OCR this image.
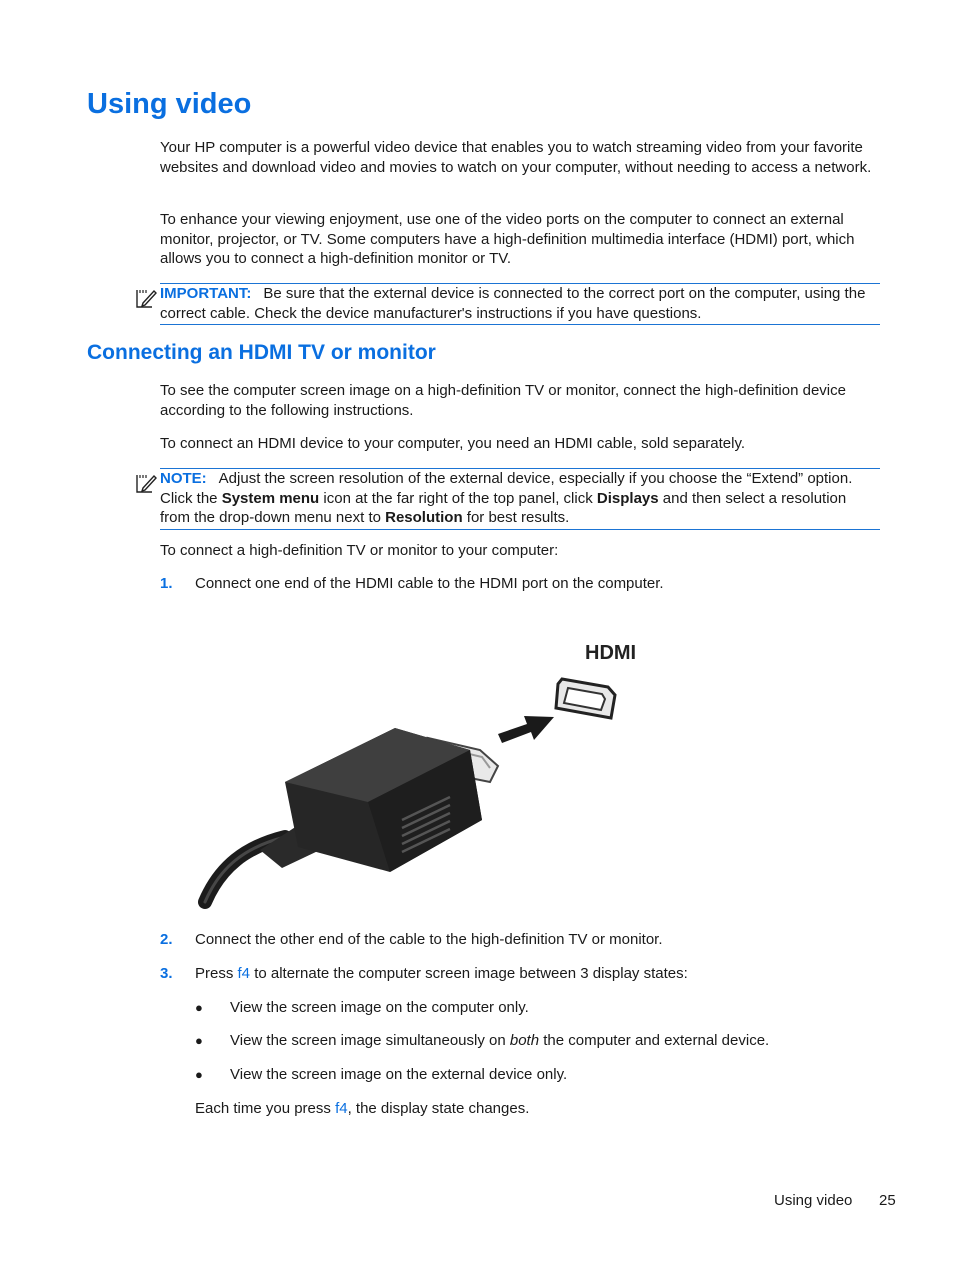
Using video

Your HP computer is a powerful video device that enables you to watch streaming video from your favorite websites and download video and movies to watch on your computer, without needing to access a network.

To enhance your viewing enjoyment, use one of the video ports on the computer to connect an external monitor, projector, or TV. Some computers have a high-definition multimedia interface (HDMI) port, which allows you to connect a high-definition monitor or TV.

IMPORTANT: Be sure that the external device is connected to the correct port on the computer, using the correct cable. Check the device manufacturer's instructions if you have questions.

Connecting an HDMI TV or monitor

To see the computer screen image on a high-definition TV or monitor, connect the high-definition device according to the following instructions.

To connect an HDMI device to your computer, you need an HDMI cable, sold separately.

NOTE: Adjust the screen resolution of the external device, especially if you choose the “Extend” option. Click the System menu icon at the far right of the top panel, click Displays and then select a resolution from the drop-down menu next to Resolution for best results.

To connect a high-definition TV or monitor to your computer:

1. Connect one end of the HDMI cable to the HDMI port on the computer.

HDMI

2. Connect the other end of the cable to the high-definition TV or monitor.

3. Press f4 to alternate the computer screen image between 3 display states:

● View the screen image on the computer only.

● View the screen image simultaneously on both the computer and external device.

● View the screen image on the external device only.

Each time you press f4, the display state changes.

Using video 25
